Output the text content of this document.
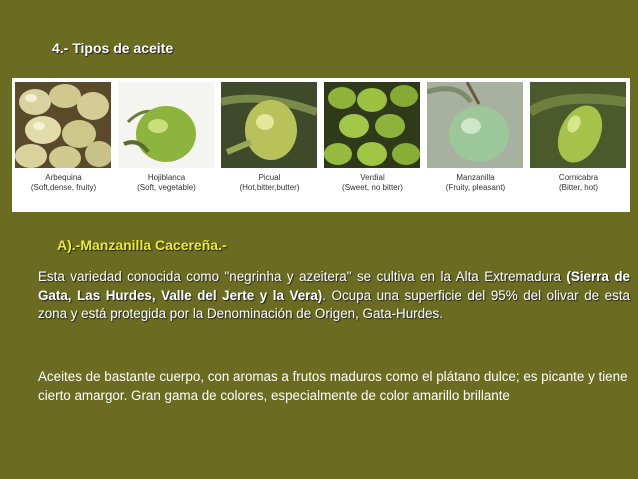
4.- Tipos de aceite
Arbequina
(Soft,dense, fruity)
Hojiblanca
(Soft, vegetable)
Picual
(Hot,bitter,butter)
Verdial
(Sweet, no bitter)
Manzanilla
(Fruity, pleasant)
Cornicabra
(Bitter, hot)
A).-Manzanilla Cacereña.-
Esta variedad conocida como "negrinha y azeitera" se cultiva en la Alta Extremadura (Sierra de Gata, Las Hurdes, Valle del Jerte y la Vera). Ocupa una superficie del 95% del olivar de esta zona y está protegida por la Denominación de Origen, Gata-Hurdes.
Aceites de bastante cuerpo, con aromas a frutos maduros como el plátano dulce; es picante y tiene cierto amargor. Gran gama de colores, especialmente de color amarillo brillante
